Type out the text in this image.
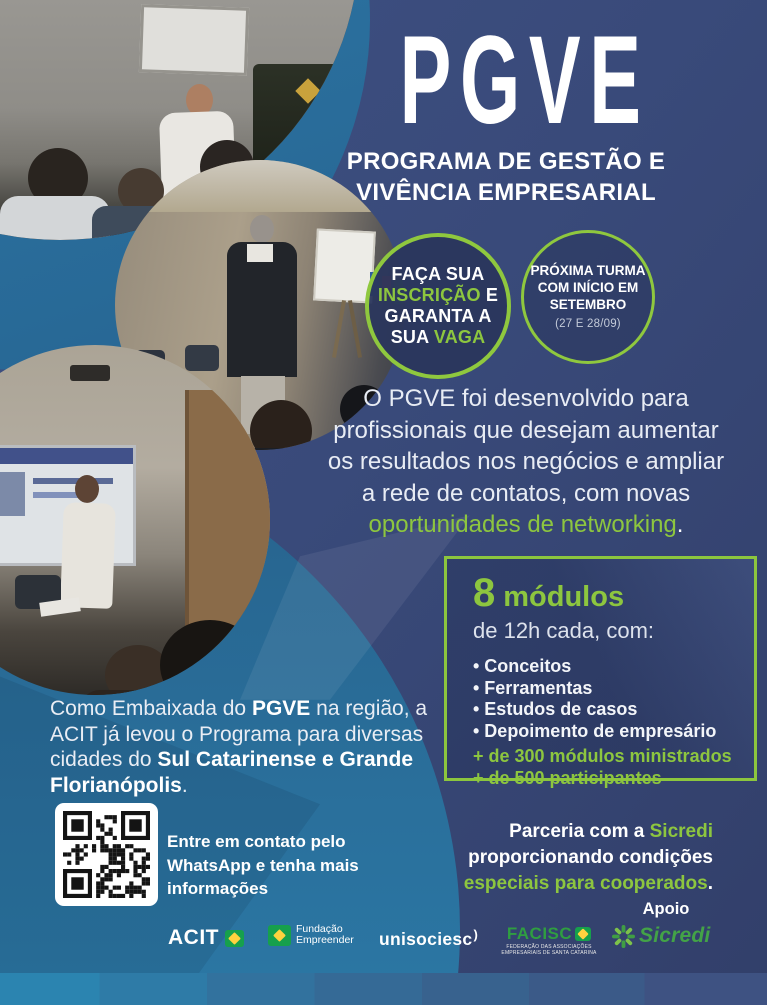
PGVE
PROGRAMA DE GESTÃO E
VIVÊNCIA EMPRESARIAL
FAÇA SUA
INSCRIÇÃO E
GARANTA A
SUA VAGA
PRÓXIMA TURMA
COM INÍCIO EM
SETEMBRO
(27 E 28/09)
O PGVE foi desenvolvido para
profissionais que desejam aumentar
os resultados nos negócios e ampliar
a rede de contatos, com novas
oportunidades de networking.
8 módulos
de 12h cada, com:
• Conceitos
• Ferramentas
• Estudos de casos
• Depoimento de empresário
+ de 300 módulos ministrados
+ de 500 participantes
Como Embaixada do PGVE na região, a ACIT já levou o Programa para diversas cidades do Sul Catarinense e Grande Florianópolis.
Entre em contato pelo
WhatsApp e tenha mais
informações
Parceria com a Sicredi
proporcionando condições
especiais para cooperados.
Apoio
ACIT	Fundação
Empreender unisociesc ) FACISC
FEDERAÇÃO DAS ASSOCIAÇÕES EMPRESARIAIS DE SANTA CATARINA
Sicredi
